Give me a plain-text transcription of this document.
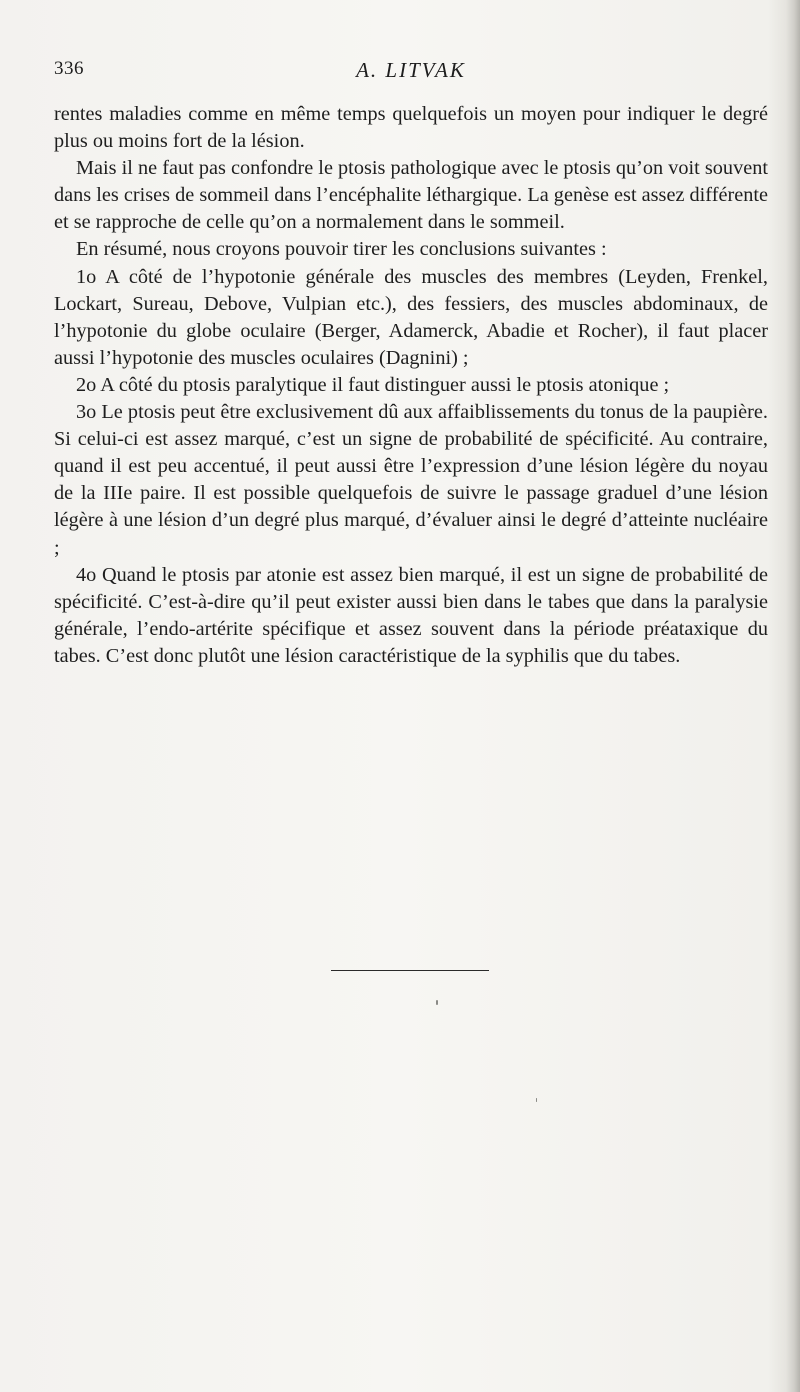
336	A. LITVAK

rentes maladies comme en même temps quelquefois un moyen pour indiquer le degré plus ou moins fort de la lésion.

Mais il ne faut pas confondre le ptosis pathologique avec le ptosis qu’on voit souvent dans les crises de sommeil dans l’encéphalite léthargique. La genèse est assez différente et se rapproche de celle qu’on a normalement dans le sommeil.

En résumé, nous croyons pouvoir tirer les conclusions suivantes :

1o A côté de l’hypotonie générale des muscles des membres (Leyden, Frenkel, Lockart, Sureau, Debove, Vulpian etc.), des fessiers, des muscles abdominaux, de l’hypotonie du globe oculaire (Berger, Adamerck, Abadie et Rocher), il faut placer aussi l’hypotonie des muscles oculaires (Dagnini) ;

2o A côté du ptosis paralytique il faut distinguer aussi le ptosis atonique ;

3o Le ptosis peut être exclusivement dû aux affaiblissements du tonus de la paupière. Si celui-ci est assez marqué, c’est un signe de probabilité de spécificité. Au contraire, quand il est peu accentué, il peut aussi être l’expression d’une lésion légère du noyau de la IIIe paire. Il est possible quelquefois de suivre le passage graduel d’une lésion légère à une lésion d’un degré plus marqué, d’évaluer ainsi le degré d’atteinte nucléaire ;

4o Quand le ptosis par atonie est assez bien marqué, il est un signe de probabilité de spécificité. C’est-à-dire qu’il peut exister aussi bien dans le tabes que dans la paralysie générale, l’endo-artérite spécifique et assez souvent dans la période préataxique du tabes. C’est donc plutôt une lésion caractéristique de la syphilis que du tabes.
